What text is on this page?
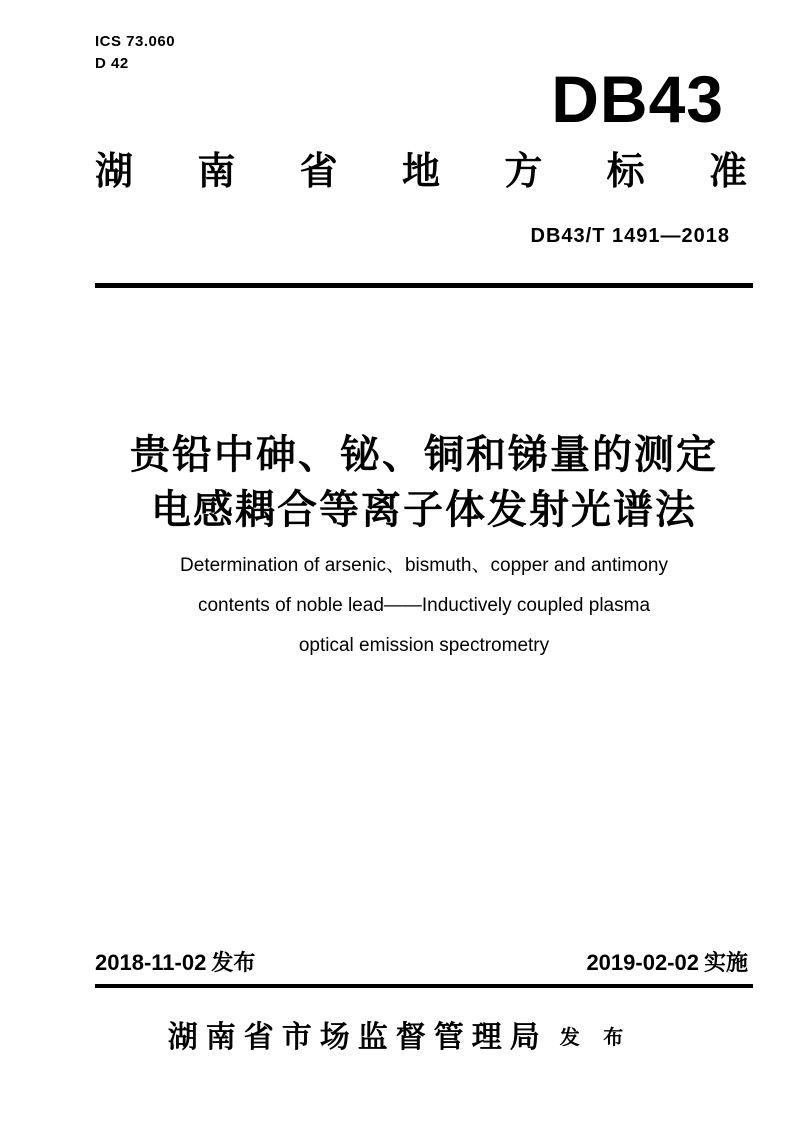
ICS 73.060
D 42	DB43
湖 南 省 地 方 标 准
DB43/T 1491—2018
贵铅中砷、铋、铜和锑量的测定
电感耦合等离子体发射光谱法
Determination of arsenic、bismuth、copper and antimony
contents of noble lead——Inductively coupled plasma
optical emission spectrometry
2018-11-02 发布	2019-02-02 实施
湖南省市场监督管理局 发 布
